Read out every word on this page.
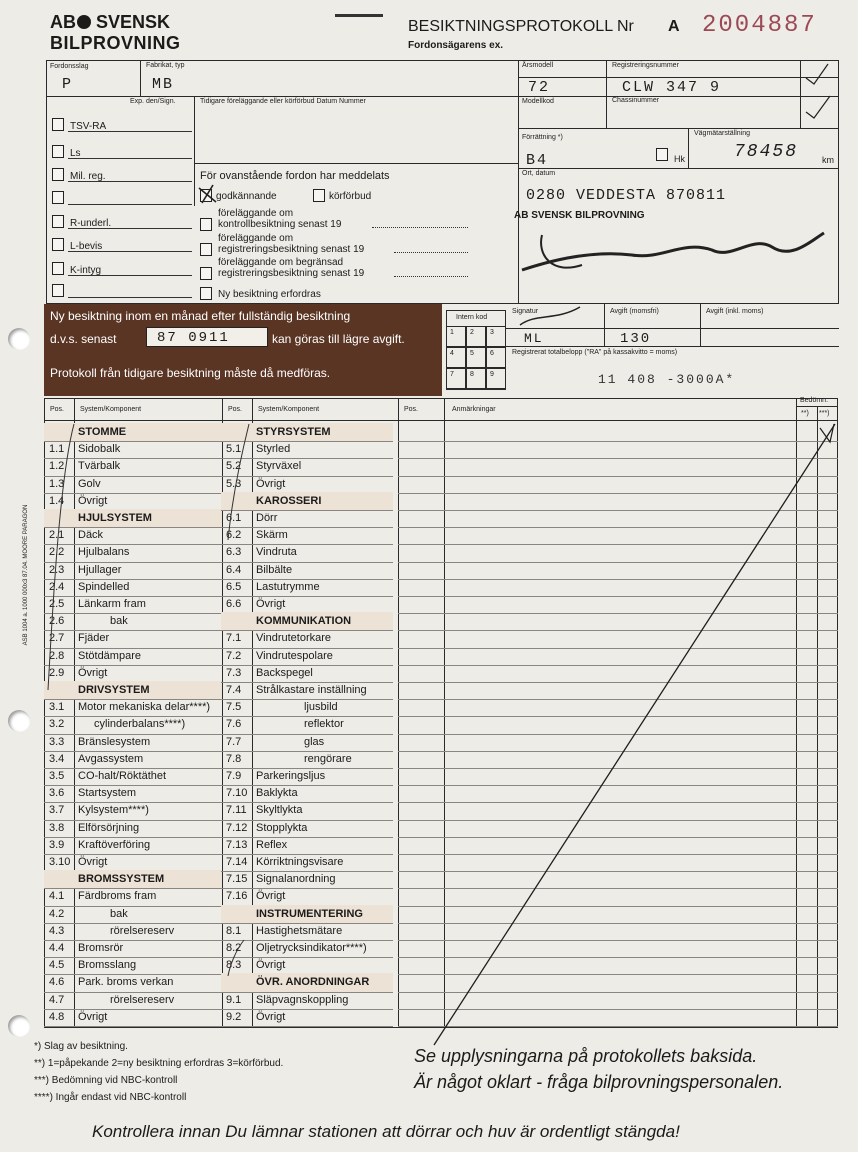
AB SVENSK
BILPROVNING
BESIKTNINGSPROTOKOLL Nr A 2004887
Fordonsägarens ex.
Fordonsslag
P
Fabrikat, typ
MB
Årsmodell
72
Registreringsnummer
CLW 347 9
Modellkod	Chassinummer
Exp. den/Sign.	Tidigare föreläggande eller körförbud Datum Nummer
Förrättning *)
B4	Hk
Vägmätarställning
78458	km
Ort, datum
0280 VEDDESTA 870811
AB SVENSK BILPROVNING
TSV-RA
Ls
Mil. reg.
R-underl.
L-bevis
K-intyg
För ovanstående fordon har meddelats
godkännande	körförbud
föreläggande om
kontrollbesiktning senast 19
föreläggande om
registreringsbesiktning senast 19
föreläggande om begränsad
registreringsbesiktning senast 19
Ny besiktning erfordras
Ny besiktning inom en månad efter fullständig besiktning
d.v.s. senast	87 0911	kan göras till lägre avgift.
Protokoll från tidigare besiktning måste då medföras.
Intern kod
1 2 3
4 5 6
7 8 9
Signatur
ML
Avgift (momsfri)
130
Avgift (inkl. moms)
Registrerat totalbelopp ("RA" på kassakvitto = moms)
11 408 -3000A*
Pos. System/Komponent	Pos. System/Komponent	Pos.	Anmärkningar
Bedömn.
**) ***)
STOMME
1.1 Sidobalk
1.2 Tvärbalk
1.3 Golv
1.4 Övrigt
HJULSYSTEM
2.1 Däck
2.2 Hjulbalans
2.3 Hjullager
2.4 Spindelled
2.5 Länkarm fram
2.6	bak
2.7 Fjäder
2.8 Stötdämpare
2.9 Övrigt
DRIVSYSTEM
3.1 Motor mekaniska delar****)
3.2	cylinderbalans****)
3.3 Bränslesystem
3.4 Avgassystem
3.5 CO-halt/Röktäthet
3.6 Startsystem
3.7 Kylsystem****)
3.8 Elförsörjning
3.9 Kraftöverföring
3.10 Övrigt
BROMSSYSTEM
4.1 Färdbroms fram
4.2	bak
4.3	rörelsereserv
4.4 Bromsrör
4.5 Bromsslang
4.6 Park. broms verkan
4.7	rörelsereserv
4.8 Övrigt
STYRSYSTEM
5.1 Styrled
5.2 Styrväxel
5.3 Övrigt
KAROSSERI
6.1 Dörr
6.2 Skärm
6.3 Vindruta
6.4 Bilbälte
6.5 Lastutrymme
6.6 Övrigt
KOMMUNIKATION
7.1 Vindrutetorkare
7.2 Vindrutespolare
7.3 Backspegel
7.4 Strålkastare inställning
7.5	ljusbild
7.6	reflektor
7.7	glas
7.8	rengörare
7.9 Parkeringsljus
7.10 Baklykta
7.11 Skyltlykta
7.12 Stopplykta
7.13 Reflex
7.14 Körriktningsvisare
7.15 Signalanordning
7.16 Övrigt
INSTRUMENTERING
8.1 Hastighetsmätare
8.2 Oljetrycksindikator****)
8.3 Övrigt
ÖVR. ANORDNINGAR
9.1 Släpvagnskoppling
9.2 Övrigt
*) Slag av besiktning.
**) 1=påpekande 2=ny besiktning erfordras 3=körförbud.
***) Bedömning vid NBC-kontroll
****) Ingår endast vid NBC-kontroll
Se upplysningarna på protokollets baksida.
Är något oklart - fråga bilprovningspersonalen.
Kontrollera innan Du lämnar stationen att dörrar och huv är ordentligt stängda!
ASB 1004 a. 1000 000x3 87.04. MOORE PARAGON
